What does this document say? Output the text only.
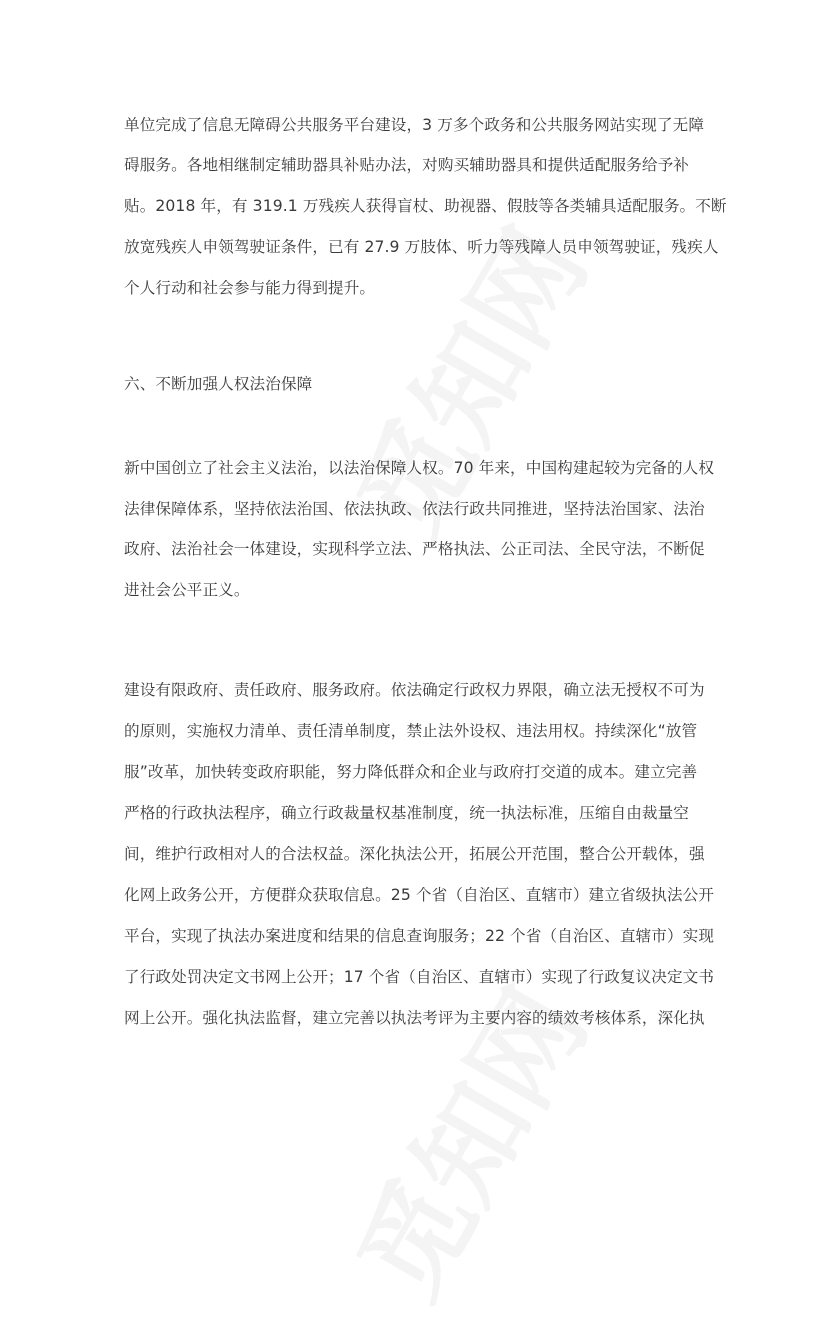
单位完成了信息无障碍公共服务平台建设，3 万多个政务和公共服务网站实现了无障
碍服务。各地相继制定辅助器具补贴办法，对购买辅助器具和提供适配服务给予补
贴。2018 年，有 319.1 万残疾人获得盲杖、助视器、假肢等各类辅具适配服务。不断
放宽残疾人申领驾驶证条件，已有 27.9 万肢体、听力等残障人员申领驾驶证，残疾人
个人行动和社会参与能力得到提升。
六、不断加强人权法治保障
新中国创立了社会主义法治，以法治保障人权。70 年来，中国构建起较为完备的人权
法律保障体系，坚持依法治国、依法执政、依法行政共同推进，坚持法治国家、法治
政府、法治社会一体建设，实现科学立法、严格执法、公正司法、全民守法，不断促
进社会公平正义。
建设有限政府、责任政府、服务政府。依法确定行政权力界限，确立法无授权不可为
的原则，实施权力清单、责任清单制度，禁止法外设权、违法用权。持续深化“放管
服”改革，加快转变政府职能，努力降低群众和企业与政府打交道的成本。建立完善
严格的行政执法程序，确立行政裁量权基准制度，统一执法标准，压缩自由裁量空
间，维护行政相对人的合法权益。深化执法公开，拓展公开范围，整合公开载体，强
化网上政务公开，方便群众获取信息。25 个省（自治区、直辖市）建立省级执法公开
平台，实现了执法办案进度和结果的信息查询服务；22 个省（自治区、直辖市）实现
了行政处罚决定文书网上公开；17 个省（自治区、直辖市）实现了行政复议决定文书
网上公开。强化执法监督，建立完善以执法考评为主要内容的绩效考核体系，深化执
